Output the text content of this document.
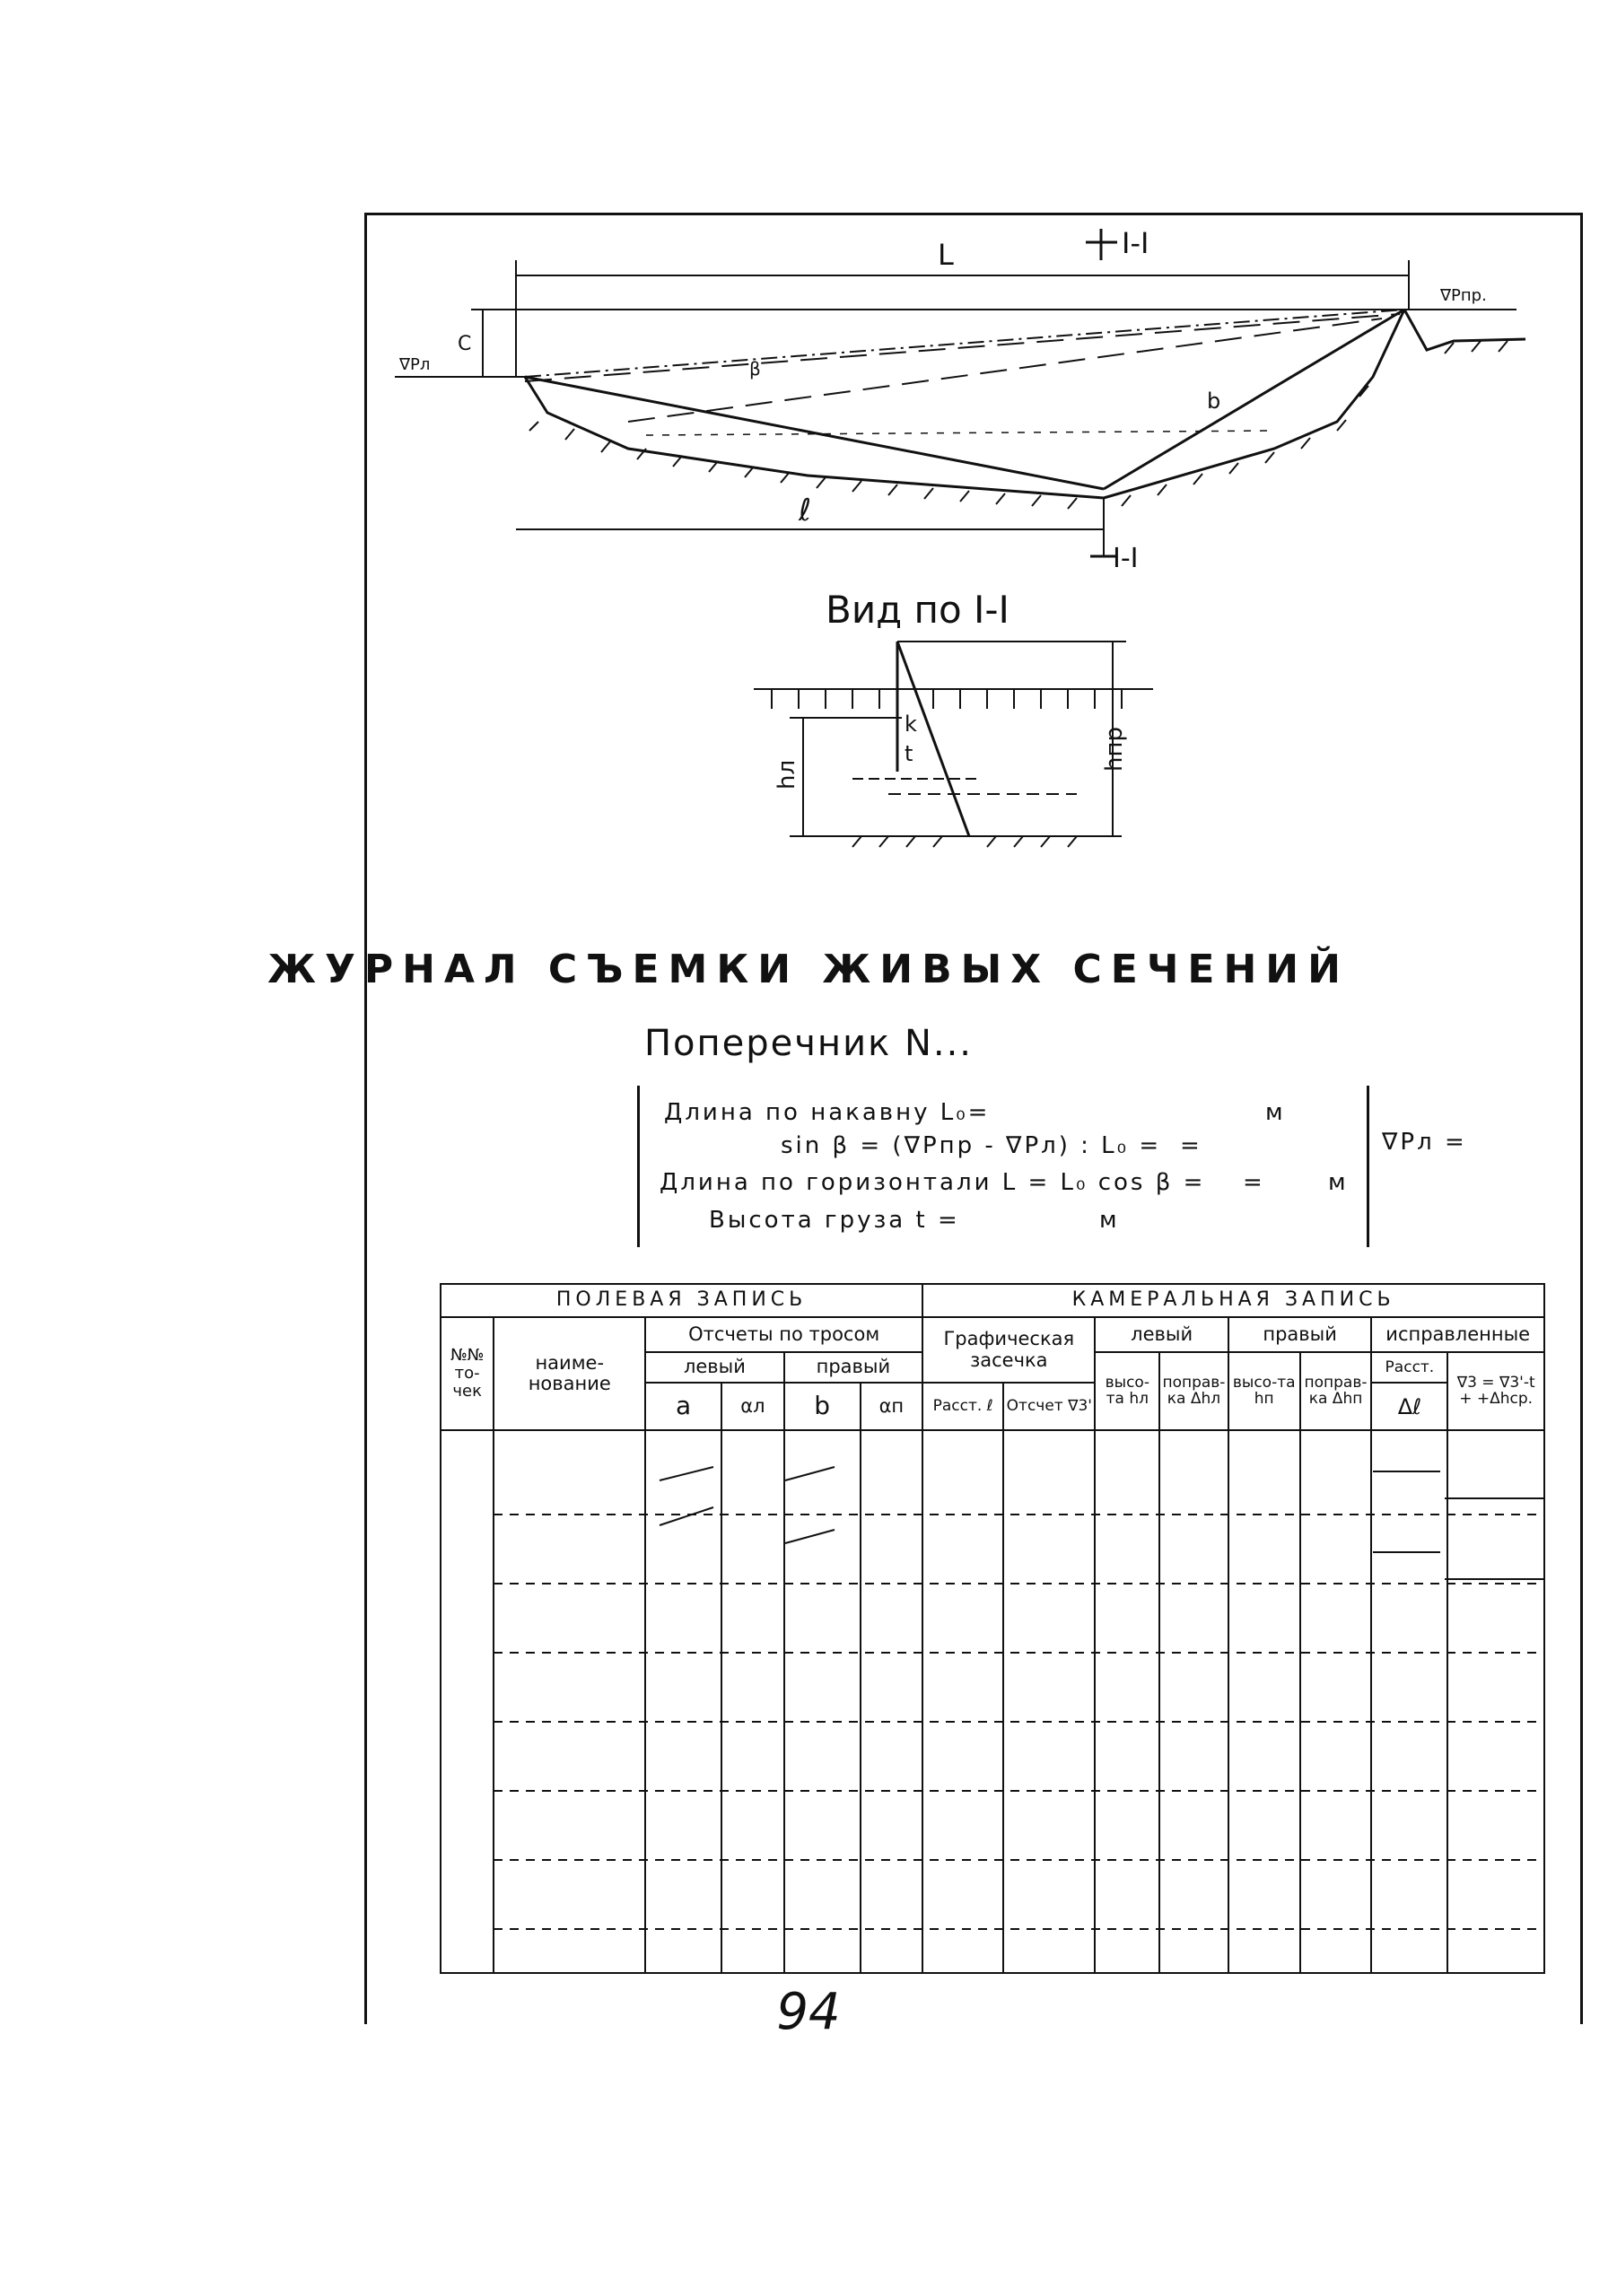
L	I-I
∇Pпр.
C
∇Pл	β
b
ℓ
I-I
hпр
hл
k
t
Вид по I-I
ЖУРНАЛ СЪЕМКИ ЖИВЫХ СЕЧЕНИЙ
Поперечник N...
Длина по накавну L₀=	м
sin β = (∇Pпр - ∇Pл) : L₀ = =
Длина по горизонтали L = L₀ cos β = =	м
Высота груза t =	м
∇Pл =
ПОЛЕВАЯ ЗАПИСЬ						КАМЕРАЛЬНАЯ ЗАПИСЬ							
№№ то-чек	наиме-нование	Отсчеты по тросом				Графическая засечка		левый		правый		исправленные	
		левый		правый				высо-та hл	поправ-ка Δhл	высо-та hп	поправ-ка Δhп	Расст.	∇3 = ∇3'-t + +Δhср.
		a	αл	b	αп	Расст. ℓ	Отсчет ∇3'					Δℓ	

94
